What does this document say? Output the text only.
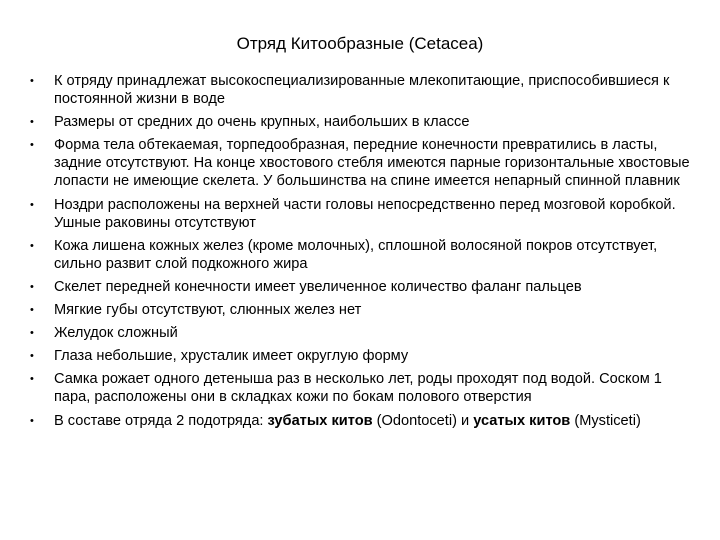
Отряд Китообразные (Cetacea)
• К отряду принадлежат высокоспециализированные млекопитающие, приспособившиеся к постоянной жизни в воде
• Размеры от средних до очень крупных, наибольших в классе
• Форма тела обтекаемая, торпедообразная, передние конечности превратились в ласты, задние отсутствуют. На конце хвостового стебля имеются парные горизонтальные хвостовые лопасти не имеющие скелета. У большинства на спине имеется непарный спинной плавник
• Ноздри расположены на верхней части головы непосредственно перед мозговой коробкой. Ушные раковины отсутствуют
• Кожа лишена кожных желез (кроме молочных), сплошной волосяной покров отсутствует, сильно развит слой подкожного жира
• Скелет передней конечности имеет увеличенное количество фаланг пальцев
• Мягкие губы отсутствуют, слюнных желез нет
• Желудок сложный
• Глаза небольшие, хрусталик имеет округлую форму
• Самка рожает одного детеныша раз в несколько лет, роды проходят под водой. Соском 1 пара, расположены они в складках кожи по бокам полового отверстия
• В составе отряда 2 подотряда: зубатых китов (Odontoceti) и усатых китов (Mysticeti)
